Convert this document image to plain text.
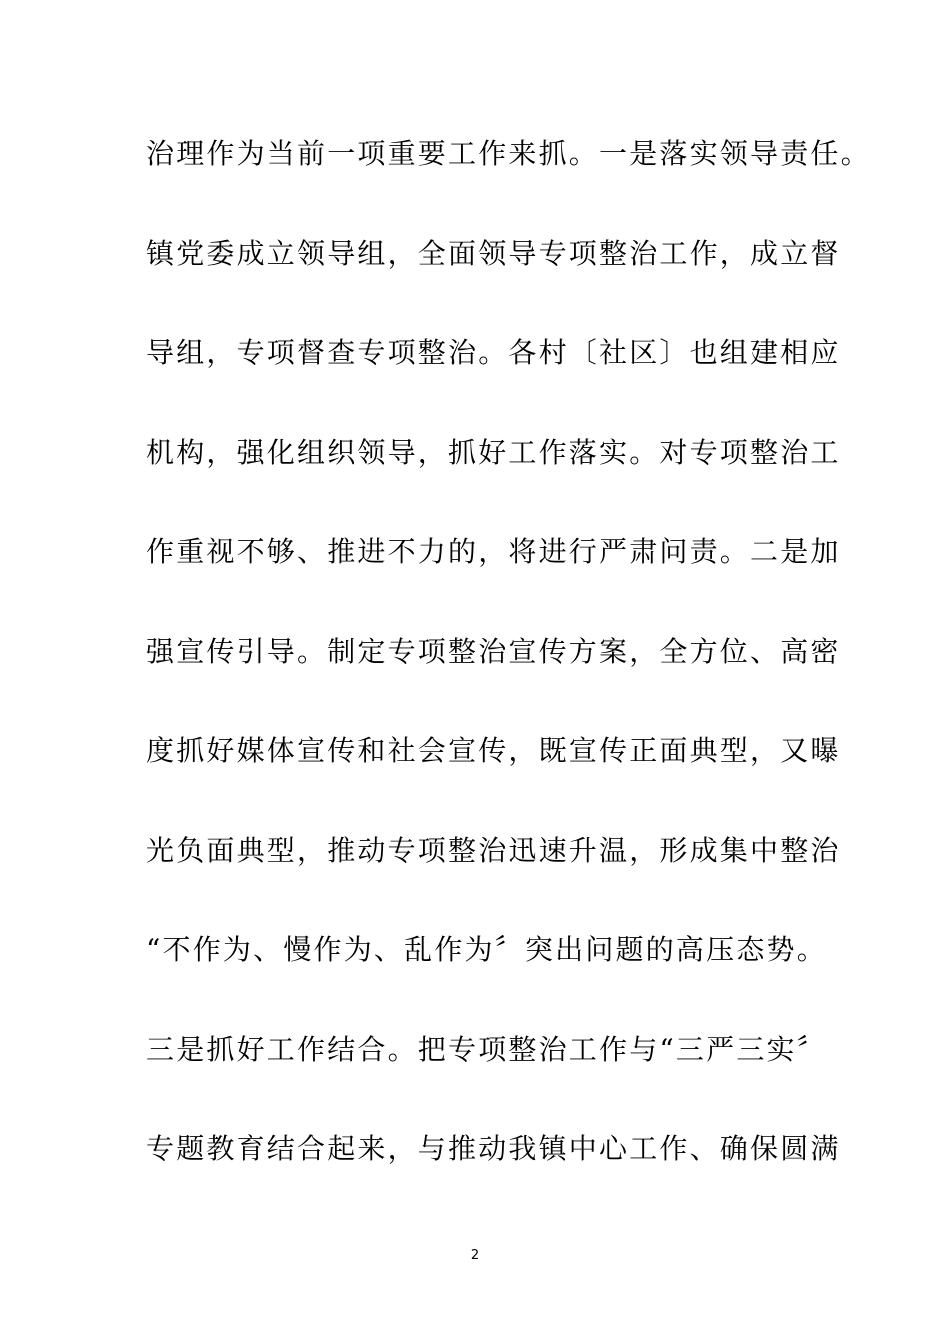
治理作为当前一项重要工作来抓。一是落实领导责任。
镇党委成立领导组，全面领导专项整治工作，成立督
导组，专项督查专项整治。各村〔社区〕也组建相应
机构，强化组织领导，抓好工作落实。对专项整治工
作重视不够、推进不力的，将进行严肃问责。二是加
强宣传引导。制定专项整治宣传方案，全方位、高密
度抓好媒体宣传和社会宣传，既宣传正面典型，又曝
光负面典型，推动专项整治迅速升温，形成集中整治
“不作为、慢作为、乱作为〞突出问题的高压态势。
三是抓好工作结合。把专项整治工作与“三严三实〞
专题教育结合起来，与推动我镇中心工作、确保圆满
2
